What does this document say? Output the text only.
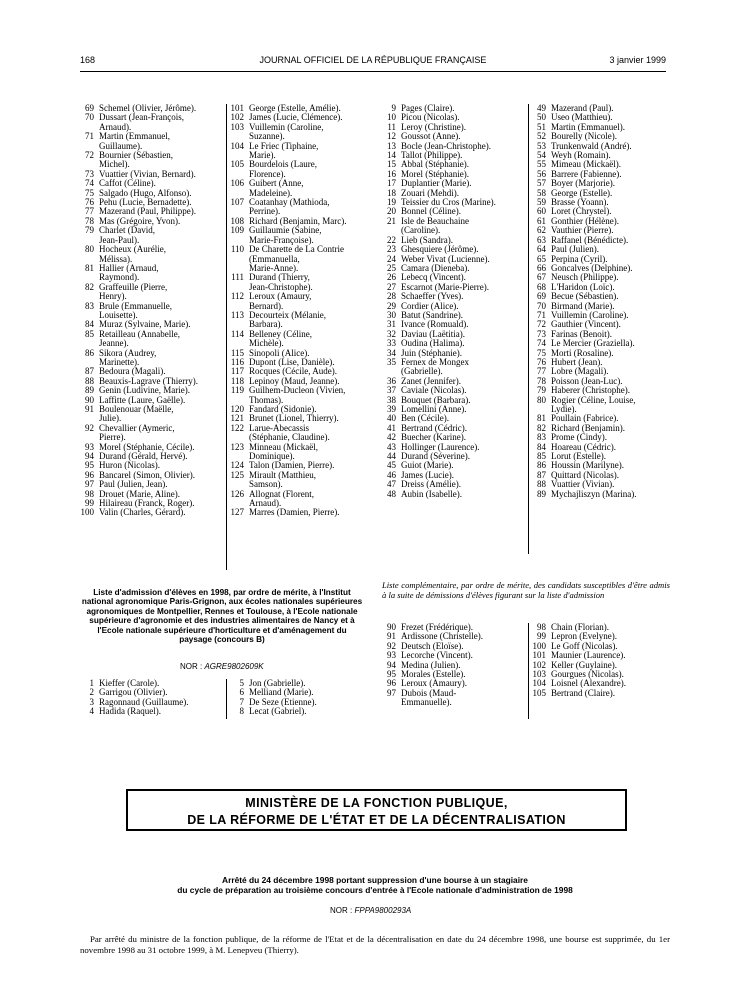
168	JOURNAL OFFICIEL DE LA RÉPUBLIQUE FRANÇAISE	3 janvier 1999
69 Schemel (Olivier, Jérôme).
70 Dussart (Jean-François,
Arnaud).
71 Martin (Emmanuel,
Guillaume).
72 Bournier (Sébastien,
Michel).
73 Vuattier (Vivian, Bernard).
74 Caffot (Céline).
75 Salgado (Hugo, Alfonso).
76 Pehu (Lucie, Bernadette).
77 Mazerand (Paul, Philippe).
78 Mas (Grégoire, Yvon).
79 Charlet (David,
Jean-Paul).
80 Hocheux (Aurélie,
Mélissa).
81 Hallier (Arnaud,
Raymond).
82 Graffeuille (Pierre,
Henry).
83 Brule (Emmanuelle,
Louisette).
84 Muraz (Sylvaine, Marie).
85 Retailleau (Annabelle,
Jeanne).
86 Sikora (Audrey,
Marinette).
87 Bedoura (Magali).
88 Beauxis-Lagrave (Thierry).
89 Genin (Ludivine, Marie).
90 Laffitte (Laure, Gaëlle).
91 Boulenouar (Maëlle,
Julie).
92 Chevallier (Aymeric,
Pierre).
93 Morel (Stéphanie, Cécile).
94 Durand (Gérald, Hervé).
95 Huron (Nicolas).
96 Bancarel (Simon, Olivier).
97 Paul (Julien, Jean).
98 Drouet (Marie, Aline).
99 Hilaireau (Franck, Roger).
100 Valin (Charles, Gérard).
101 George (Estelle, Amélie).
102 James (Lucie, Clémence).
103 Vuillemin (Caroline,
Suzanne).
104 Le Friec (Tiphaine,
Marie).
105 Bourdelois (Laure,
Florence).
106 Guibert (Anne,
Madeleine).
107 Coatanhay (Mathioda,
Perrine).
108 Richard (Benjamin, Marc).
109 Guillaumie (Sabine,
Marie-Françoise).
110 De Charette de La Contrie
(Emmanuella,
Marie-Anne).
111 Durand (Thierry,
Jean-Christophe).
112 Leroux (Amaury,
Bernard).
113 Decourteix (Mélanie,
Barbara).
114 Belleney (Céline,
Michèle).
115 Sinopoli (Alice).
116 Dupont (Lise, Danièle).
117 Rocques (Cécile, Aude).
118 Lepinoy (Maud, Jeanne).
119 Guilhem-Ducleon (Vivien,
Thomas).
120 Fandard (Sidonie).
121 Brunet (Lionel, Thierry).
122 Larue-Abecassis
(Stéphanie, Claudine).
123 Minneau (Mickaël,
Dominique).
124 Talon (Damien, Pierre).
125 Mirault (Matthieu,
Samson).
126 Allognat (Florent,
Arnaud).
127 Marres (Damien, Pierre).
9 Pages (Claire).
10 Picou (Nicolas).
11 Leroy (Christine).
12 Goussot (Anne).
13 Bocle (Jean-Christophe).
14 Tallot (Philippe).
15 Abbal (Stéphanie).
16 Morel (Stéphanie).
17 Duplantier (Marie).
18 Zouari (Mehdi).
19 Teissier du Cros (Marine).
20 Bonnel (Céline).
21 Isle de Beauchaine
(Caroline).
22 Lieb (Sandra).
23 Ghesquiere (Jérôme).
24 Weber Vivat (Lucienne).
25 Camara (Dieneba).
26 Lebecq (Vincent).
27 Escarnot (Marie-Pierre).
28 Schaeffer (Yves).
29 Cordier (Alice).
30 Batut (Sandrine).
31 Ivance (Romuald).
32 Daviau (Laëtitia).
33 Oudina (Halima).
34 Juin (Stéphanie).
35 Fernex de Mongex
(Gabrielle).
36 Zanet (Jennifer).
37 Caviale (Nicolas).
38 Bouquet (Barbara).
39 Lomellini (Anne).
40 Ben (Cécile).
41 Bertrand (Cédric).
42 Buecher (Karine).
43 Hollinger (Laurence).
44 Durand (Séverine).
45 Guiot (Marie).
46 James (Lucie).
47 Dreiss (Amélie).
48 Aubin (Isabelle).
49 Mazerand (Paul).
50 Useo (Matthieu).
51 Martin (Emmanuel).
52 Bourelly (Nicole).
53 Trunkenwald (André).
54 Weyh (Romain).
55 Mimeau (Mickaël).
56 Barrere (Fabienne).
57 Boyer (Marjorie).
58 George (Estelle).
59 Brasse (Yoann).
60 Loret (Chrystel).
61 Gonthier (Hélène).
62 Vauthier (Pierre).
63 Raffanel (Bénédicte).
64 Paul (Julien).
65 Perpina (Cyril).
66 Goncalves (Delphine).
67 Neusch (Philippe).
68 L'Haridon (Loïc).
69 Becue (Sébastien).
70 Birmand (Marie).
71 Vuillemin (Caroline).
72 Gauthier (Vincent).
73 Farinas (Benoit).
74 Le Mercier (Graziella).
75 Morti (Rosaline).
76 Hubert (Jean).
77 Lobre (Magali).
78 Poisson (Jean-Luc).
79 Haberer (Christophe).
80 Rogier (Céline, Louise,
Lydie).
81 Poullain (Fabrice).
82 Richard (Benjamin).
83 Prome (Cindy).
84 Hoareau (Cédric).
85 Lorut (Estelle).
86 Houssin (Marilyne).
87 Quittard (Nicolas).
88 Vuattier (Vivian).
89 Mychajliszyn (Marina).
Liste d'admission d'élèves en 1998, par ordre de mérite, à l'Institut national agronomique Paris-Grignon, aux écoles nationales supérieures agronomiques de Montpellier, Rennes et Toulouse, à l'Ecole nationale supérieure d'agronomie et des industries alimentaires de Nancy et à l'Ecole nationale supérieure d'horticulture et d'aménagement du paysage (concours B)
NOR : AGRE9802609K
1 Kieffer (Carole).
2 Garrigou (Olivier).
3 Ragonnaud (Guillaume).
4 Hadida (Raquel).
5 Jon (Gabrielle).
6 Melliand (Marie).
7 De Seze (Etienne).
8 Lecat (Gabriel).
Liste complémentaire, par ordre de mérite, des candidats susceptibles d'être admis à la suite de démissions d'élèves figurant sur la liste d'admission
90 Frezet (Frédérique).
91 Ardissone (Christelle).
92 Deutsch (Eloïse).
93 Lecorche (Vincent).
94 Medina (Julien).
95 Morales (Estelle).
96 Leroux (Amaury).
97 Dubois (Maud-
Emmanuelle).
98 Chain (Florian).
99 Lepron (Evelyne).
100 Le Goff (Nicolas).
101 Maunier (Laurence).
102 Keller (Guylaine).
103 Gourgues (Nicolas).
104 Loisnel (Alexandre).
105 Bertrand (Claire).
MINISTÈRE DE LA FONCTION PUBLIQUE,
DE LA RÉFORME DE L'ÉTAT ET DE LA DÉCENTRALISATION
Arrêté du 24 décembre 1998 portant suppression d'une bourse à un stagiaire
du cycle de préparation au troisième concours d'entrée à l'Ecole nationale d'administration de 1998
NOR : FPPA9800293A
Par arrêté du ministre de la fonction publique, de la réforme de l'Etat et de la décentralisation en date du 24 décembre 1998, une bourse est supprimée, du 1er novembre 1998 au 31 octobre 1999, à M. Lenepveu (Thierry).
